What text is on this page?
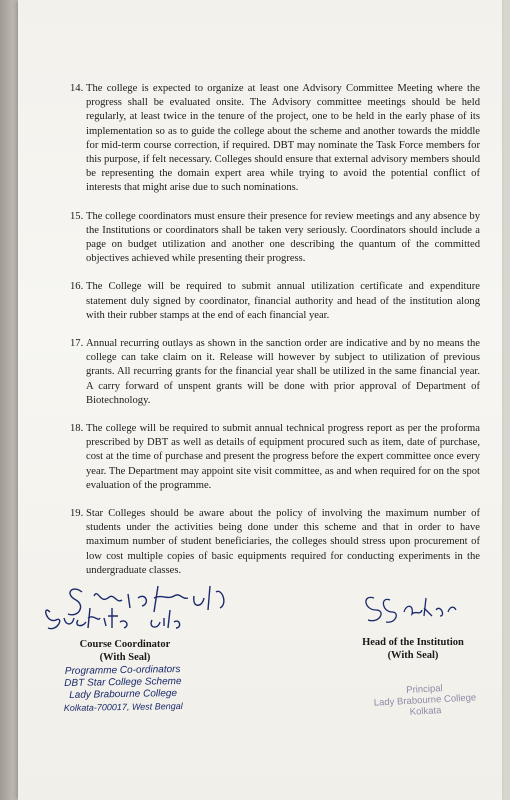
14. The college is expected to organize at least one Advisory Committee Meeting where the progress shall be evaluated onsite. The Advisory committee meetings should be held regularly, at least twice in the tenure of the project, one to be held in the early phase of its implementation so as to guide the college about the scheme and another towards the middle for mid-term course correction, if required. DBT may nominate the Task Force members for this purpose, if felt necessary. Colleges should ensure that external advisory members should be representing the domain expert area while trying to avoid the potential conflict of interests that might arise due to such nominations.
15. The college coordinators must ensure their presence for review meetings and any absence by the Institutions or coordinators shall be taken very seriously. Coordinators should include a page on budget utilization and another one describing the quantum of the committed objectives achieved while presenting their progress.
16. The College will be required to submit annual utilization certificate and expenditure statement duly signed by coordinator, financial authority and head of the institution along with their rubber stamps at the end of each financial year.
17. Annual recurring outlays as shown in the sanction order are indicative and by no means the college can take claim on it. Release will however by subject to utilization of previous grants. All recurring grants for the financial year shall be utilized in the same financial year. A carry forward of unspent grants will be done with prior approval of Department of Biotechnology.
18. The college will be required to submit annual technical progress report as per the proforma prescribed by DBT as well as details of equipment procured such as item, date of purchase, cost at the time of purchase and present the progress before the expert committee once every year. The Department may appoint site visit committee, as and when required for on the spot evaluation of the programme.
19. Star Colleges should be aware about the policy of involving the maximum number of students under the activities being done under this scheme and that in order to have maximum number of student beneficiaries, the colleges should stress upon procurement of low cost multiple copies of basic equipments required for conducting experiments in the undergraduate classes.
Course Coordinator
(With Seal)
Head of the Institution
(With Seal)
Programme Co-ordinators
DBT Star College Scheme
Lady Brabourne College
Kolkata-700017, West Bengal
Principal
Lady Brabourne College
Kolkata
